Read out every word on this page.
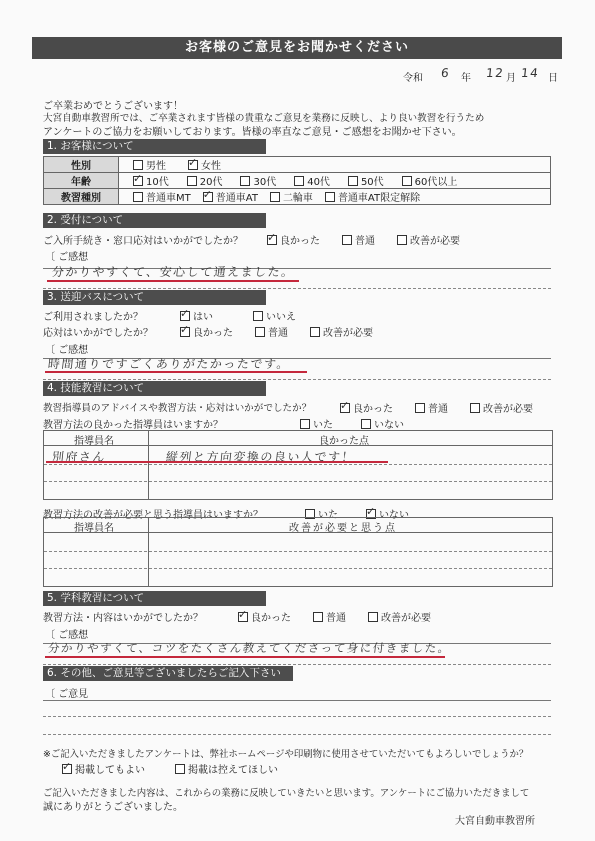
お客様のご意見をお聞かせください
令和 6 年 12 月 14 日
ご卒業おめでとうございます！
大宮自動車教習所では、ご卒業されます皆様の貴重なご意見を業務に反映し、より良い教習を行うため
アンケートのご協力をお願いしております。皆様の率直なご意見・ご感想をお聞かせ下さい。
1. お客様について
性別	男性 ✓ 女性
年齢	✓10代 20代 30代 40代 50代 60代以上
教習種別	普通車MT ✓ 普通車AT 二輪車 普通車AT限定解除
2. 受付について
ご入所手続き・窓口応対はいかがでしたか？ ✓	良かった	普通	改善が必要
〔 ご感想
分かりやすくて、安心して通えました。
3. 送迎バスについて
ご利用されましたか？ ✓	はい	いいえ
応対はいかがでしたか？ ✓	良かった	普通	改善が必要
〔 ご感想
時間通りですごくありがたかったです。
4. 技能教習について
教習指導員のアドバイスや教習方法・応対はいかがでしたか？ ✓	良かった	普通	改善が必要
教習方法の良かった指導員はいますか？	いた	いない
指導員名	良かった点
別府さん	縦列と方向変換の良い人です！
教習方法の改善が必要と思う指導員はいますか？	いた ✓	いない
指導員名	改善が必要と思う点
5. 学科教習について
教習方法・内容はいかがでしたか？ ✓	良かった	普通	改善が必要
〔 ご感想
分かりやすくて、コツをたくさん教えてくださって身に付きました。
6. その他、ご意見等ございましたらご記入下さい
〔 ご意見
※ご記入いただきましたアンケートは、弊社ホームページや印刷物に使用させていただいてもよろしいでしょうか？
✓掲載してもよい	掲載は控えてほしい
ご記入いただきました内容は、これからの業務に反映していきたいと思います。アンケートにご協力いただきまして
誠にありがとうございました。
大宮自動車教習所
